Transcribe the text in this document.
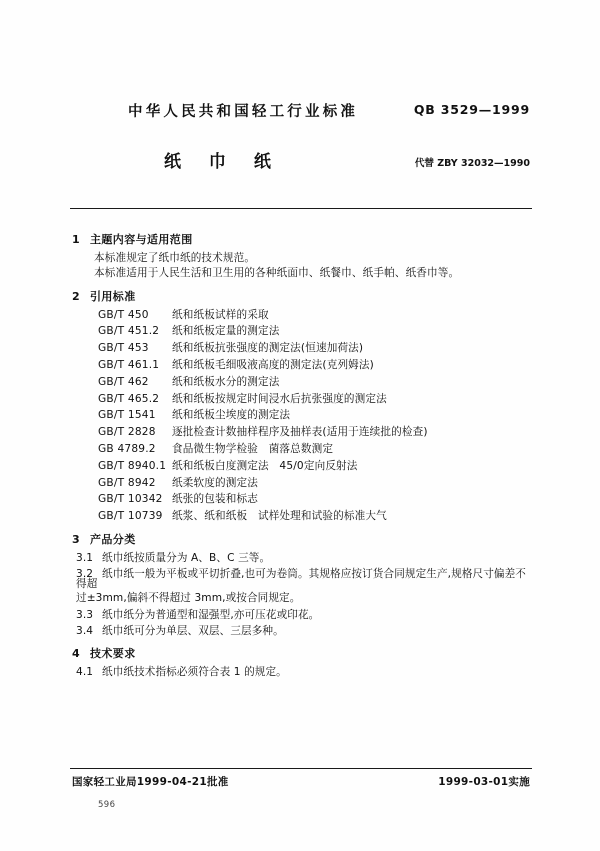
中华人民共和国轻工行业标准	QB 3529—1999
纸 巾 纸	代替 ZBY 32032—1990
1 主题内容与适用范围
本标准规定了纸巾纸的技术规范。
本标准适用于人民生活和卫生用的各种纸面巾、纸餐巾、纸手帕、纸香巾等。
2 引用标准
GB/T 450 纸和纸板试样的采取
GB/T 451.2 纸和纸板定量的测定法
GB/T 453 纸和纸板抗张强度的测定法(恒速加荷法)
GB/T 461.1 纸和纸板毛细吸液高度的测定法(克列姆法)
GB/T 462 纸和纸板水分的测定法
GB/T 465.2 纸和纸板按规定时间浸水后抗张强度的测定法
GB/T 1541 纸和纸板尘埃度的测定法
GB/T 2828 逐批检查计数抽样程序及抽样表(适用于连续批的检查)
GB 4789.2 食品微生物学检验　菌落总数测定
GB/T 8940.1 纸和纸板白度测定法　45/0定向反射法
GB/T 8942 纸柔软度的测定法
GB/T 10342 纸张的包装和标志
GB/T 10739 纸浆、纸和纸板　试样处理和试验的标准大气
3 产品分类
3.1 纸巾纸按质量分为 A、B、C 三等。
3.2 纸巾纸一般为平板或平切折叠,也可为卷筒。其规格应按订货合同规定生产,规格尺寸偏差不得超
过±3mm,偏斜不得超过 3mm,或按合同规定。
3.3 纸巾纸分为普通型和湿强型,亦可压花或印花。
3.4 纸巾纸可分为单层、双层、三层多种。
4 技术要求
4.1 纸巾纸技术指标必须符合表 1 的规定。
国家轻工业局1999-04-21批准	1999-03-01实施
596
